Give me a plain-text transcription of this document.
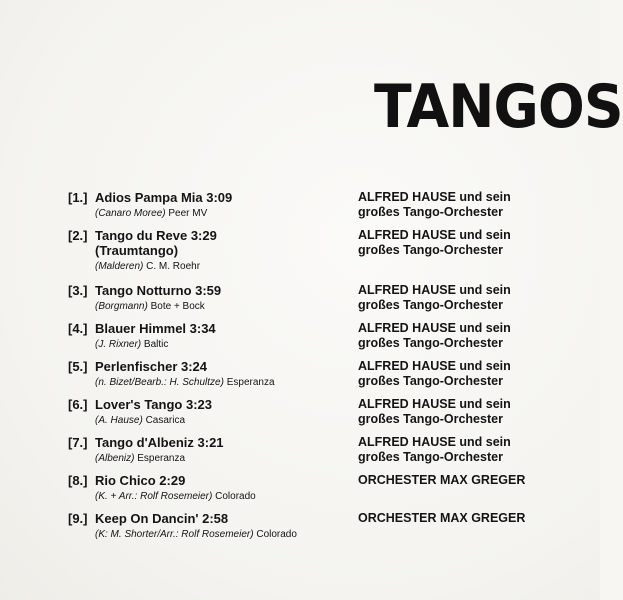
TANGOS
[1.] Adios Pampa Mia 3:09
(Canaro Moree) Peer MV
ALFRED HAUSE und sein
großes Tango-Orchester
[2.] Tango du Reve 3:29
(Traumtango)
(Malderen) C. M. Roehr
ALFRED HAUSE und sein
großes Tango-Orchester
[3.] Tango Notturno 3:59
(Borgmann) Bote + Bock
ALFRED HAUSE und sein
großes Tango-Orchester
[4.] Blauer Himmel 3:34
(J. Rixner) Baltic
ALFRED HAUSE und sein
großes Tango-Orchester
[5.] Perlenfischer 3:24
(n. Bizet/Bearb.: H. Schultze) Esperanza
ALFRED HAUSE und sein
großes Tango-Orchester
[6.] Lover's Tango 3:23
(A. Hause) Casarica
ALFRED HAUSE und sein
großes Tango-Orchester
[7.] Tango d'Albeniz 3:21
(Albeniz) Esperanza
ALFRED HAUSE und sein
großes Tango-Orchester
[8.] Rio Chico 2:29
(K. + Arr.: Rolf Rosemeier) Colorado
ORCHESTER MAX GREGER
[9.] Keep On Dancin' 2:58
(K: M. Shorter/Arr.: Rolf Rosemeier) Colorado
ORCHESTER MAX GREGER
